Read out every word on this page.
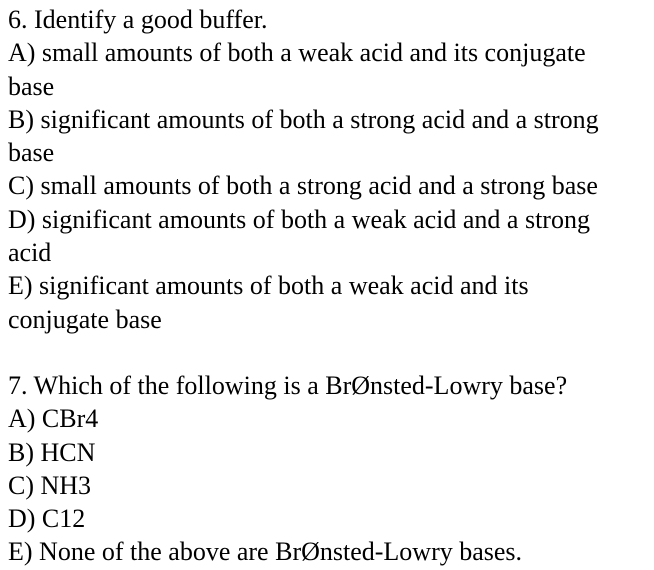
6. Identify a good buffer.
A) small amounts of both a weak acid and its conjugate
base
B) significant amounts of both a strong acid and a strong
base
C) small amounts of both a strong acid and a strong base
D) significant amounts of both a weak acid and a strong
acid
E) significant amounts of both a weak acid and its
conjugate base
7. Which of the following is a BrØnsted-Lowry base?
A) CBr4
B) HCN
C) NH3
D) C12
E) None of the above are BrØnsted-Lowry bases.
